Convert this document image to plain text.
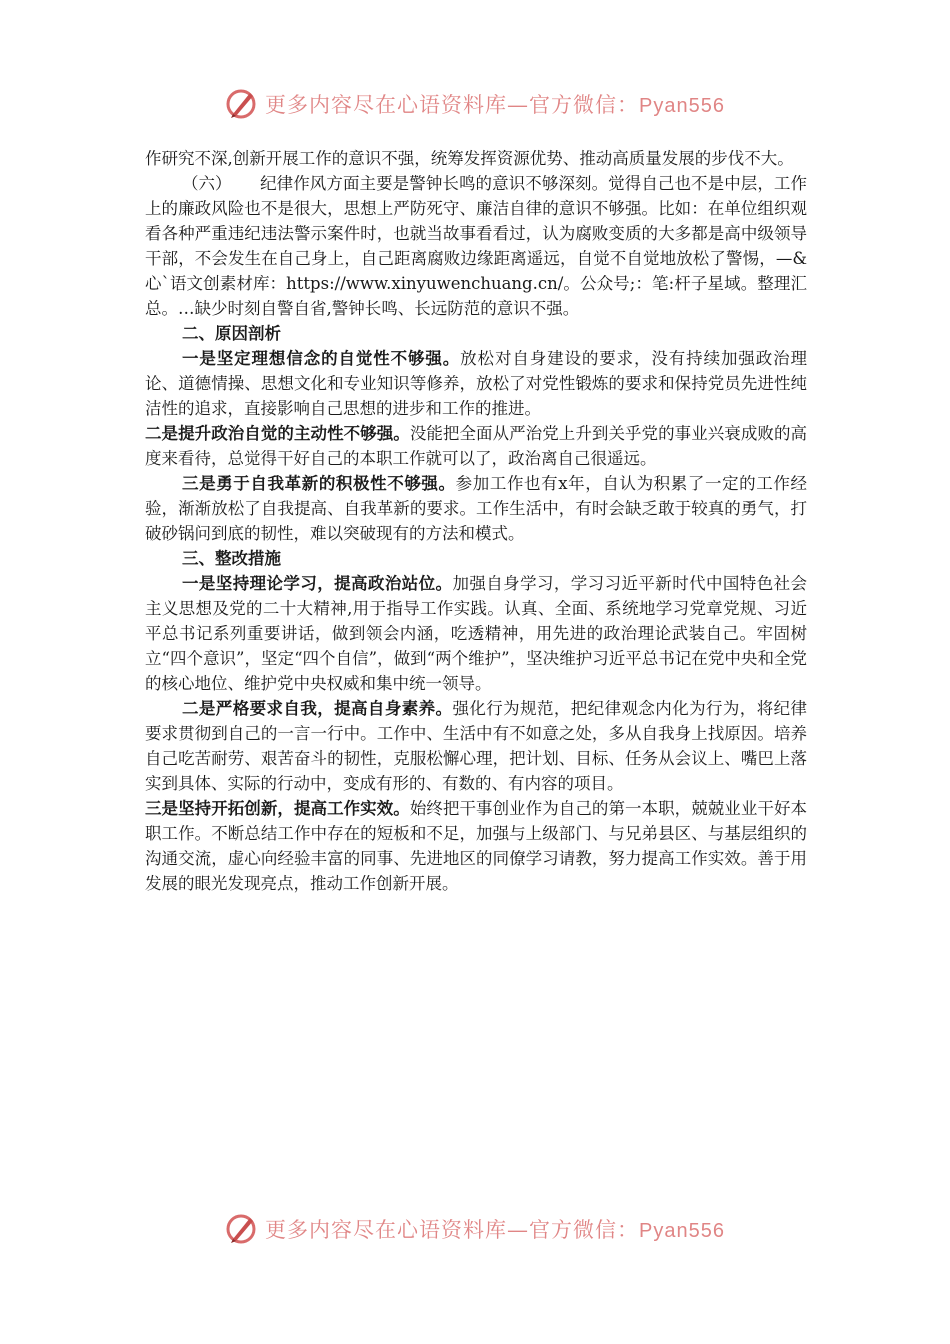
更多内容尽在心语资料库—官方微信：Pyan556

作研究不深,创新开展工作的意识不强，统筹发挥资源优势、推动高质量发展的步伐不大。

（六） 纪律作风方面主要是警钟长鸣的意识不够深刻。觉得自己也不是中层，工作上的廉政风险也不是很大，思想上严防死守、廉洁自律的意识不够强。比如：在单位组织观看各种严重违纪违法警示案件时，也就当故事看看过，认为腐败变质的大多都是高中级领导干部，不会发生在自己身上，自己距离腐败边缘距离遥远，自觉不自觉地放松了警惕，—&心`语文创素材库：https://www.xinyuwenchuang.cn/。公众号;：笔:杆子星域。整理汇总。…缺少时刻自警自省,警钟长鸣、长远防范的意识不强。

二、原因剖析

一是坚定理想信念的自觉性不够强。放松对自身建设的要求，没有持续加强政治理论、道德情操、思想文化和专业知识等修养，放松了对党性锻炼的要求和保持党员先进性纯洁性的追求，直接影响自己思想的进步和工作的推进。

二是提升政治自觉的主动性不够强。没能把全面从严治党上升到关乎党的事业兴衰成败的高度来看待，总觉得干好自己的本职工作就可以了，政治离自己很遥远。

三是勇于自我革新的积极性不够强。参加工作也有x年，自认为积累了一定的工作经验，渐渐放松了自我提高、自我革新的要求。工作生活中，有时会缺乏敢于较真的勇气，打破砂锅问到底的韧性，难以突破现有的方法和模式。

三、整改措施

一是坚持理论学习，提高政治站位。加强自身学习，学习习近平新时代中国特色社会主义思想及党的二十大精神,用于指导工作实践。认真、全面、系统地学习党章党规、习近平总书记系列重要讲话，做到领会内涵，吃透精神，用先进的政治理论武装自己。牢固树立“四个意识”，坚定“四个自信”，做到“两个维护”，坚决维护习近平总书记在党中央和全党的核心地位、维护党中央权威和集中统一领导。

二是严格要求自我，提高自身素养。强化行为规范，把纪律观念内化为行为，将纪律要求贯彻到自己的一言一行中。工作中、生活中有不如意之处，多从自我身上找原因。培养自己吃苦耐劳、艰苦奋斗的韧性，克服松懈心理，把计划、目标、任务从会议上、嘴巴上落实到具体、实际的行动中，变成有形的、有数的、有内容的项目。

三是坚持开拓创新，提高工作实效。始终把干事创业作为自己的第一本职，兢兢业业干好本职工作。不断总结工作中存在的短板和不足，加强与上级部门、与兄弟县区、与基层组织的沟通交流，虚心向经验丰富的同事、先进地区的同僚学习请教，努力提高工作实效。善于用发展的眼光发现亮点，推动工作创新开展。

更多内容尽在心语资料库—官方微信：Pyan556
